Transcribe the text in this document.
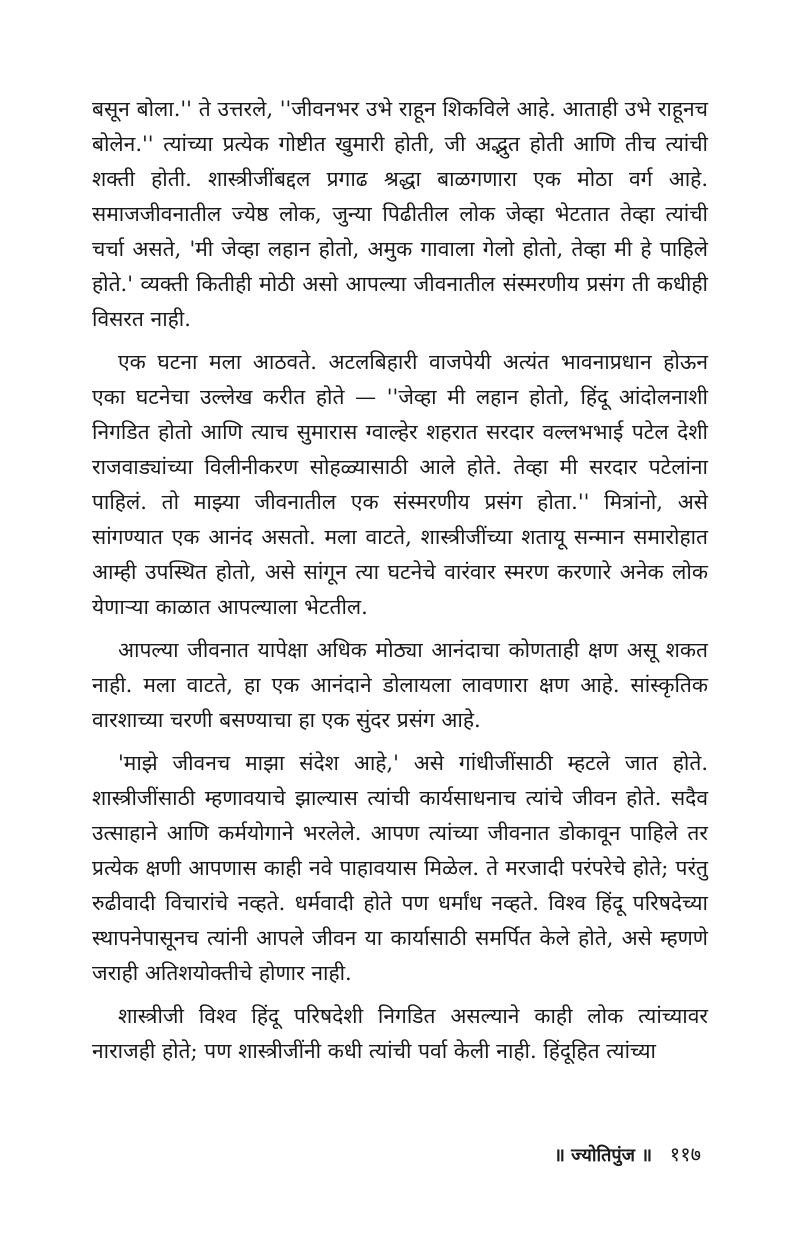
बसून बोला.'' ते उत्तरले, ''जीवनभर उभे राहून शिकविले आहे. आताही उभे राहूनच बोलेन.'' त्यांच्या प्रत्येक गोष्टीत खुमारी होती, जी अद्भुत होती आणि तीच त्यांची शक्ती होती. शास्त्रीजींबद्दल प्रगाढ श्रद्धा बाळगणारा एक मोठा वर्ग आहे. समाजजीवनातील ज्येष्ठ लोक, जुन्या पिढीतील लोक जेव्हा भेटतात तेव्हा त्यांची चर्चा असते, 'मी जेव्हा लहान होतो, अमुक गावाला गेलो होतो, तेव्हा मी हे पाहिले होते.' व्यक्ती कितीही मोठी असो आपल्या जीवनातील संस्मरणीय प्रसंग ती कधीही विसरत नाही.

एक घटना मला आठवते. अटलबिहारी वाजपेयी अत्यंत भावनाप्रधान होऊन एका घटनेचा उल्लेख करीत होते — ''जेव्हा मी लहान होतो, हिंदू आंदोलनाशी निगडित होतो आणि त्याच सुमारास ग्वाल्हेर शहरात सरदार वल्लभभाई पटेल देशी राजवाड्यांच्या विलीनीकरण सोहळ्यासाठी आले होते. तेव्हा मी सरदार पटेलांना पाहिलं. तो माझ्या जीवनातील एक संस्मरणीय प्रसंग होता.'' मित्रांनो, असे सांगण्यात एक आनंद असतो. मला वाटते, शास्त्रीजींच्या शतायू सन्मान समारोहात आम्ही उपस्थित होतो, असे सांगून त्या घटनेचे वारंवार स्मरण करणारे अनेक लोक येणाऱ्या काळात आपल्याला भेटतील.

आपल्या जीवनात यापेक्षा अधिक मोठ्या आनंदाचा कोणताही क्षण असू शकत नाही. मला वाटते, हा एक आनंदाने डोलायला लावणारा क्षण आहे. सांस्कृतिक वारशाच्या चरणी बसण्याचा हा एक सुंदर प्रसंग आहे.

'माझे जीवनच माझा संदेश आहे,' असे गांधीजींसाठी म्हटले जात होते. शास्त्रीजींसाठी म्हणावयाचे झाल्यास त्यांची कार्यसाधनाच त्यांचे जीवन होते. सदैव उत्साहाने आणि कर्मयोगाने भरलेले. आपण त्यांच्या जीवनात डोकावून पाहिले तर प्रत्येक क्षणी आपणास काही नवे पाहावयास मिळेल. ते मरजादी परंपरेचे होते; परंतु रुढीवादी विचारांचे नव्हते. धर्मवादी होते पण धर्मांध नव्हते. विश्व हिंदू परिषदेच्या स्थापनेपासूनच त्यांनी आपले जीवन या कार्यासाठी समर्पित केले होते, असे म्हणणे जराही अतिशयोक्तीचे होणार नाही.

शास्त्रीजी विश्व हिंदू परिषदेशी निगडित असल्याने काही लोक त्यांच्यावर नाराजही होते; पण शास्त्रीजींनी कधी त्यांची पर्वा केली नाही. हिंदूहित त्यांच्या

॥ ज्योतिपुंज ॥ ११७
